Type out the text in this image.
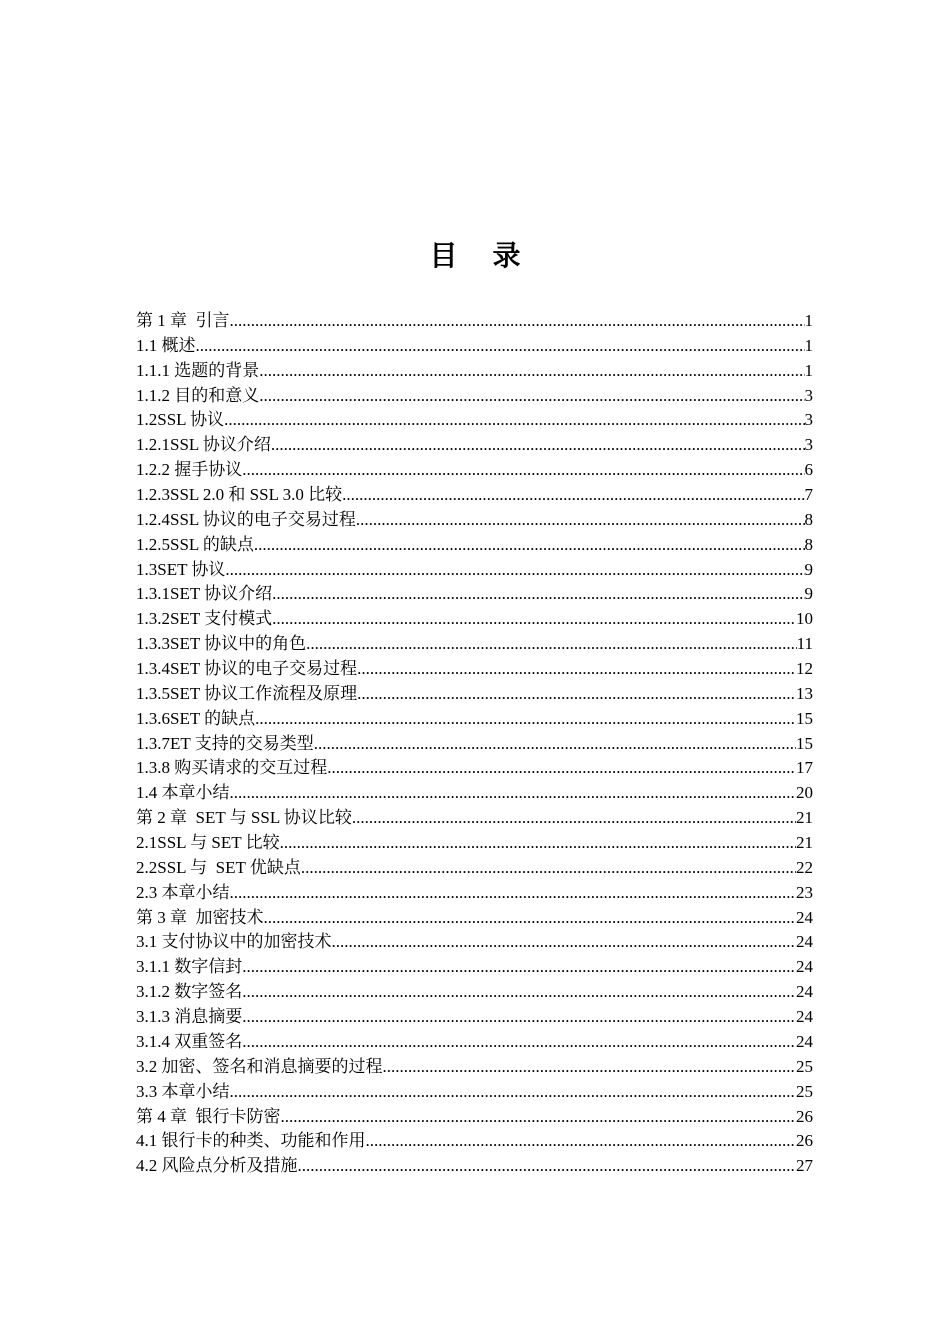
目 录
第 1 章  引言 .....	1
1.1 概述 .....	1
1.1.1 选题的背景 .....	1
1.1.2 目的和意义 .....	3
1.2SSL 协议 .....	3
1.2.1SSL 协议介绍 .....	3
1.2.2 握手协议 .....	6
1.2.3SSL 2.0 和 SSL 3.0 比较 .....	7
1.2.4SSL 协议的电子交易过程 .....	8
1.2.5SSL 的缺点 .....	8
1.3SET 协议 .....	9
1.3.1SET 协议介绍 .....	9
1.3.2SET 支付模式 .....	10
1.3.3SET 协议中的角色 .....	11
1.3.4SET 协议的电子交易过程 .....	12
1.3.5SET 协议工作流程及原理 .....	13
1.3.6SET 的缺点 .....	15
1.3.7ET 支持的交易类型 .....	15
1.3.8 购买请求的交互过程 .....	17
1.4 本章小结 .....	20
第 2 章  SET 与 SSL 协议比较 .....	21
2.1SSL 与 SET 比较 .....	21
2.2SSL 与  SET 优缺点 .....	22
2.3 本章小结 .....	23
第 3 章  加密技术 .....	24
3.1 支付协议中的加密技术 .....	24
3.1.1 数字信封 .....	24
3.1.2 数字签名 .....	24
3.1.3 消息摘要 .....	24
3.1.4 双重签名 .....	24
3.2 加密、签名和消息摘要的过程 .....	25
3.3 本章小结 .....	25
第 4 章  银行卡防密 .....	26
4.1 银行卡的种类、功能和作用 .....	26
4.2 风险点分析及措施 .....	27
